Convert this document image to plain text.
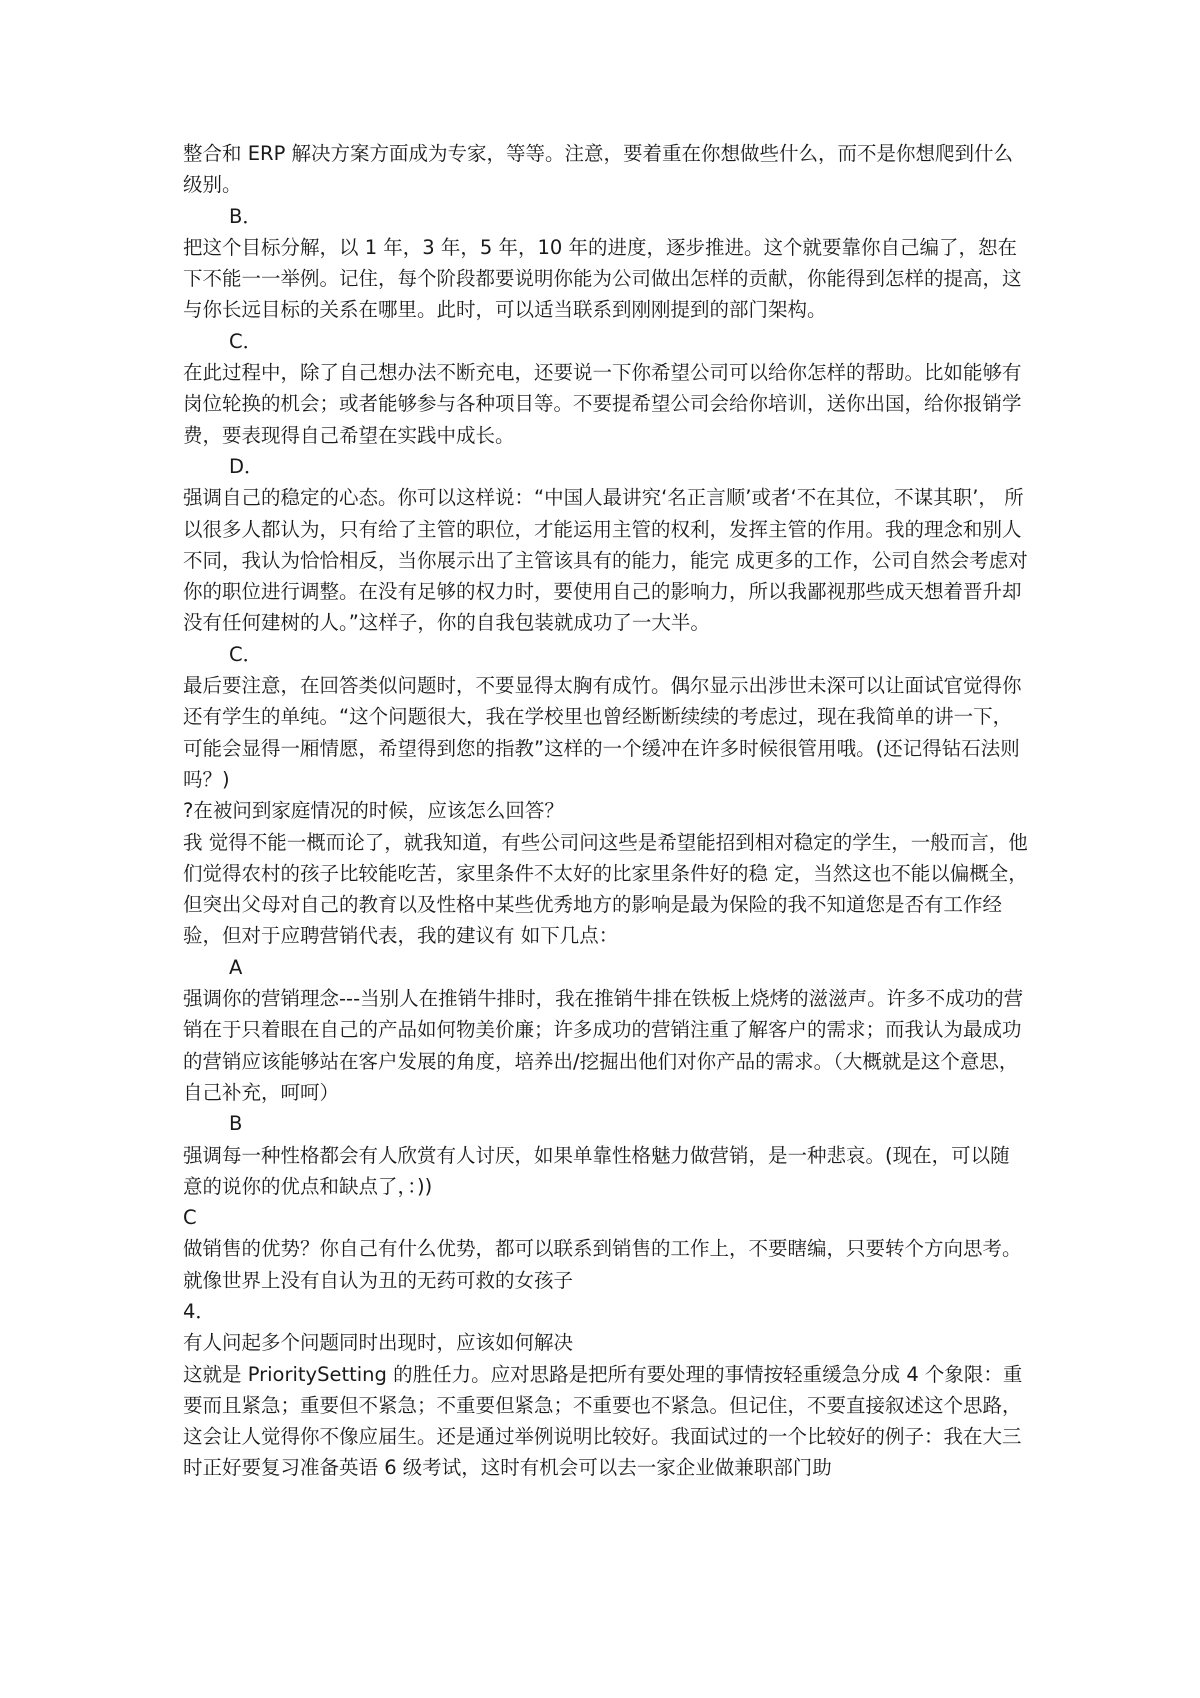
整合和 ERP 解决方案方面成为专家，等等。注意，要着重在你想做些什么，而不是你想爬到什么级别。

B．

把这个目标分解，以 1 年，3 年，5 年，10 年的进度，逐步推进。这个就要靠你自己编了，恕在下不能一一举例。记住，每个阶段都要说明你能为公司做出怎样的贡献，你能得到怎样的提高，这与你长远目标的关系在哪里。此时，可以适当联系到刚刚提到的部门架构。

C．

在此过程中，除了自己想办法不断充电，还要说一下你希望公司可以给你怎样的帮助。比如能够有岗位轮换的机会；或者能够参与各种项目等。不要提希望公司会给你培训，送你出国，给你报销学费，要表现得自己希望在实践中成长。

D．

强调自己的稳定的心态。你可以这样说：“中国人最讲究‘名正言顺’或者‘不在其位，不谋其职’， 所以很多人都认为，只有给了主管的职位，才能运用主管的权利，发挥主管的作用。我的理念和别人不同，我认为恰恰相反，当你展示出了主管该具有的能力，能完 成更多的工作，公司自然会考虑对你的职位进行调整。在没有足够的权力时，要使用自己的影响力，所以我鄙视那些成天想着晋升却没有任何建树的人。”这样子，你的自我包装就成功了一大半。

C．

最后要注意，在回答类似问题时，不要显得太胸有成竹。偶尔显示出涉世未深可以让面试官觉得你还有学生的单纯。“这个问题很大，我在学校里也曾经断断续续的考虑过，现在我简单的讲一下，可能会显得一厢情愿，希望得到您的指教”这样的一个缓冲在许多时候很管用哦。(还记得钻石法则吗？)

?在被问到家庭情况的时候，应该怎么回答？

我 觉得不能一概而论了，就我知道，有些公司问这些是希望能招到相对稳定的学生，一般而言，他们觉得农村的孩子比较能吃苦，家里条件不太好的比家里条件好的稳 定，当然这也不能以偏概全，但突出父母对自己的教育以及性格中某些优秀地方的影响是最为保险的我不知道您是否有工作经验，但对于应聘营销代表，我的建议有 如下几点：

A

强调你的营销理念---当别人在推销牛排时，我在推销牛排在铁板上烧烤的滋滋声。许多不成功的营销在于只着眼在自己的产品如何物美价廉；许多成功的营销注重了解客户的需求；而我认为最成功的营销应该能够站在客户发展的角度，培养出/挖掘出他们对你产品的需求。（大概就是这个意思，自己补充，呵呵）

B

强调每一种性格都会有人欣赏有人讨厌，如果单靠性格魅力做营销，是一种悲哀。(现在，可以随意的说你的优点和缺点了，：))

C

做销售的优势？你自己有什么优势，都可以联系到销售的工作上，不要瞎编，只要转个方向思考。就像世界上没有自认为丑的无药可救的女孩子

4．

有人问起多个问题同时出现时，应该如何解决

这就是 PrioritySetting 的胜任力。应对思路是把所有要处理的事情按轻重缓急分成 4 个象限：重要而且紧急；重要但不紧急；不重要但紧急；不重要也不紧急。但记住，不要直接叙述这个思路，这会让人觉得你不像应届生。还是通过举例说明比较好。我面试过的一个比较好的例子：我在大三时正好要复习准备英语 6 级考试，这时有机会可以去一家企业做兼职部门助
